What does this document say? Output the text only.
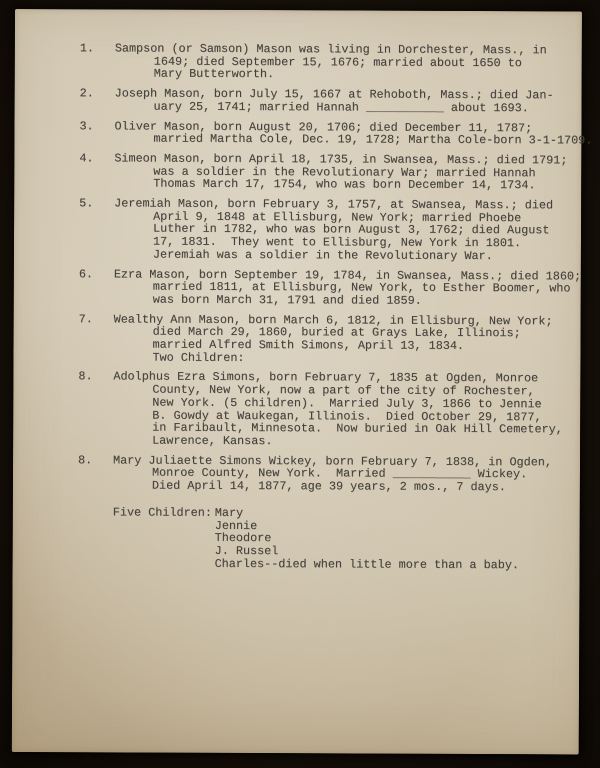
1. Sampson (or Samson) Mason was living in Dorchester, Mass., in
1649; died September 15, 1676; married about 1650 to
Mary Butterworth.
2. Joseph Mason, born July 15, 1667 at Rehoboth, Mass.; died Jan-
uary 25, 1741; married Hannah ___________ about 1693.
3. Oliver Mason, born August 20, 1706; died December 11, 1787;
married Martha Cole, Dec. 19, 1728; Martha Cole-born 3-1-1709.
4. Simeon Mason, born April 18, 1735, in Swansea, Mass.; died 1791;
was a soldier in the Revolutionary War; married Hannah
Thomas March 17, 1754, who was born December 14, 1734.
5. Jeremiah Mason, born February 3, 1757, at Swansea, Mass.; died
April 9, 1848 at Ellisburg, New York; married Phoebe
Luther in 1782, who was born August 3, 1762; died August
17, 1831.  They went to Ellisburg, New York in 1801.
Jeremiah was a soldier in the Revolutionary War.
6. Ezra Mason, born September 19, 1784, in Swansea, Mass.; died 1860;
married 1811, at Ellisburg, New York, to Esther Boomer, who
was born March 31, 1791 and died 1859.
7. Wealthy Ann Mason, born March 6, 1812, in Ellisburg, New York;
died March 29, 1860, buried at Grays Lake, Illinois;
married Alfred Smith Simons, April 13, 1834.
Two Children:
8. Adolphus Ezra Simons, born February 7, 1835 at Ogden, Monroe
County, New York, now a part of the city of Rochester,
New York. (5 children).  Married July 3, 1866 to Jennie
B. Gowdy at Waukegan, Illinois.  Died October 29, 1877,
in Faribault, Minnesota.  Now buried in Oak Hill Cemetery,
Lawrence, Kansas.
8. Mary Juliaette Simons Wickey, born February 7, 1838, in Ogden,
Monroe County, New York.  Married ___________ Wickey.
Died April 14, 1877, age 39 years, 2 mos., 7 days.
Five Children: Mary
Jennie
Theodore
J. Russel
Charles--died when little more than a baby.
